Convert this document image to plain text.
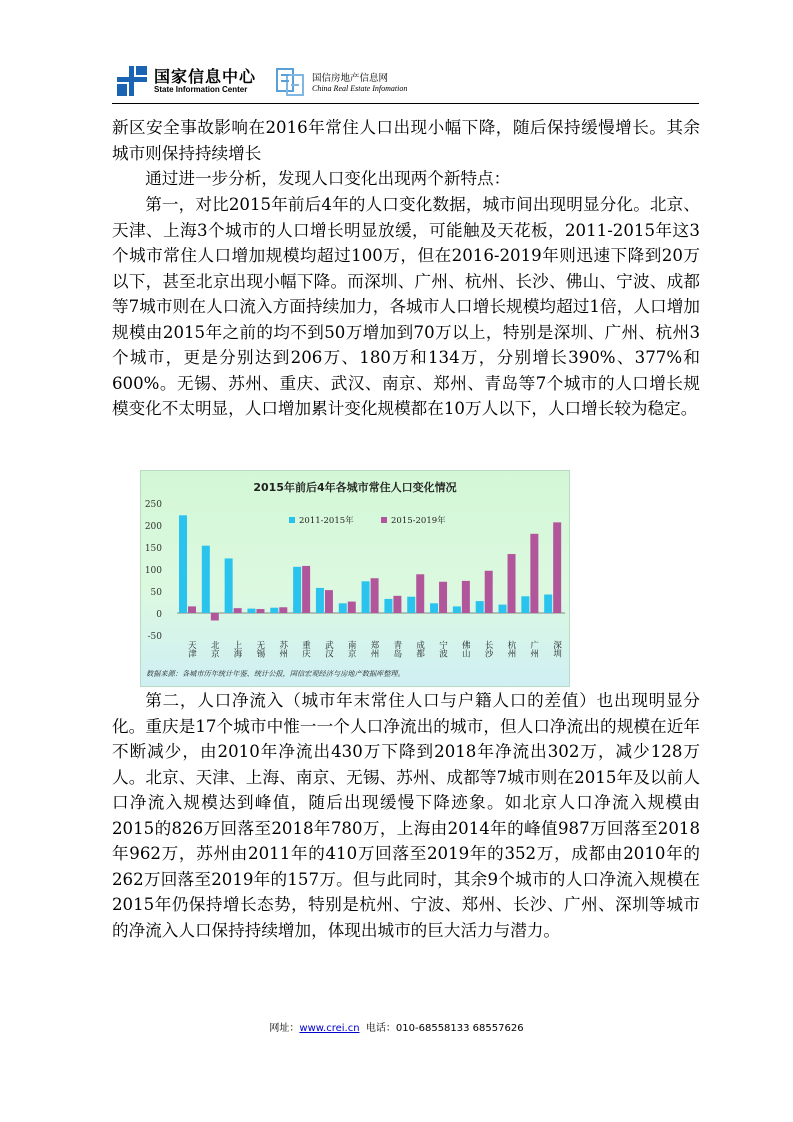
国家信息中心
State Information Center
国信房地产信息网
China Real Estate Infomation
新区安全事故影响在2016年常住人口出现小幅下降，随后保持缓慢增长。其余城市则保持持续增长
通过进一步分析，发现人口变化出现两个新特点：
第一，对比2015年前后4年的人口变化数据，城市间出现明显分化。北京、天津、上海3个城市的人口增长明显放缓，可能触及天花板，2011-2015年这3个城市常住人口增加规模均超过100万，但在2016-2019年则迅速下降到20万以下，甚至北京出现小幅下降。而深圳、广州、杭州、长沙、佛山、宁波、成都等7城市则在人口流入方面持续加力，各城市人口增长规模均超过1倍，人口增加规模由2015年之前的均不到50万增加到70万以上，特别是深圳、广州、杭州3个城市，更是分别达到206万、180万和134万，分别增长390%、377%和600%。无锡、苏州、重庆、武汉、南京、郑州、青岛等7个城市的人口增长规模变化不太明显，人口增加累计变化规模都在10万人以下，人口增长较为稳定。
2015年前后4年各城市常住人口变化情况
250
200
150
100
50
0
-50
天津 北京 上海 无锡 苏州 重庆 武汉 南京 郑州 青岛 成都 宁波 佛山 长沙 杭州 广州 深圳
2011-2015年	2015-2019年
数据来源：各城市历年统计年鉴、统计公报，国信宏观经济与房地产数据库整理。
第二，人口净流入（城市年末常住人口与户籍人口的差值）也出现明显分化。重庆是17个城市中惟一一个人口净流出的城市，但人口净流出的规模在近年不断减少，由2010年净流出430万下降到2018年净流出302万，减少128万人。北京、天津、上海、南京、无锡、苏州、成都等7城市则在2015年及以前人口净流入规模达到峰值，随后出现缓慢下降迹象。如北京人口净流入规模由2015的826万回落至2018年780万，上海由2014年的峰值987万回落至2018年962万，苏州由2011年的410万回落至2019年的352万，成都由2010年的262万回落至2019年的157万。但与此同时，其余9个城市的人口净流入规模在2015年仍保持增长态势，特别是杭州、宁波、郑州、长沙、广州、深圳等城市的净流入人口保持持续增加，体现出城市的巨大活力与潜力。
网址：www.crei.cn 电话：010-68558133 68557626
